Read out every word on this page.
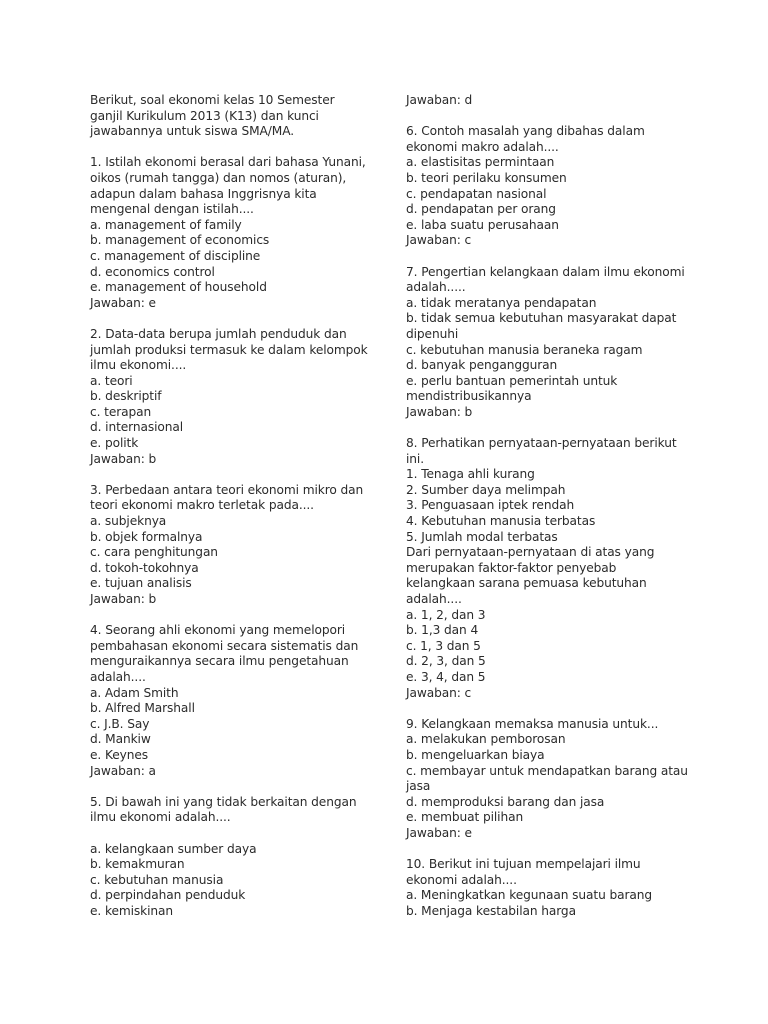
Berikut, soal ekonomi kelas 10 Semester
ganjil Kurikulum 2013 (K13) dan kunci
jawabannya untuk siswa SMA/MA.
1. Istilah ekonomi berasal dari bahasa Yunani,
oikos (rumah tangga) dan nomos (aturan),
adapun dalam bahasa Inggrisnya kita
mengenal dengan istilah....
a. management of family
b. management of economics
c. management of discipline
d. economics control
e. management of household
Jawaban: e
2. Data-data berupa jumlah penduduk dan
jumlah produksi termasuk ke dalam kelompok
ilmu ekonomi....
a. teori
b. deskriptif
c. terapan
d. internasional
e. politk
Jawaban: b
3. Perbedaan antara teori ekonomi mikro dan
teori ekonomi makro terletak pada....
a. subjeknya
b. objek formalnya
c. cara penghitungan
d. tokoh-tokohnya
e. tujuan analisis
Jawaban: b
4. Seorang ahli ekonomi yang memelopori
pembahasan ekonomi secara sistematis dan
menguraikannya secara ilmu pengetahuan
adalah....
a. Adam Smith
b. Alfred Marshall
c. J.B. Say
d. Mankiw
e. Keynes
Jawaban: a
5. Di bawah ini yang tidak berkaitan dengan
ilmu ekonomi adalah....
a. kelangkaan sumber daya
b. kemakmuran
c. kebutuhan manusia
d. perpindahan penduduk
e. kemiskinan
Jawaban: d
6. Contoh masalah yang dibahas dalam
ekonomi makro adalah....
a. elastisitas permintaan
b. teori perilaku konsumen
c. pendapatan nasional
d. pendapatan per orang
e. laba suatu perusahaan
Jawaban: c
7. Pengertian kelangkaan dalam ilmu ekonomi
adalah.....
a. tidak meratanya pendapatan
b. tidak semua kebutuhan masyarakat dapat
dipenuhi
c. kebutuhan manusia beraneka ragam
d. banyak pengangguran
e. perlu bantuan pemerintah untuk
mendistribusikannya
Jawaban: b
8. Perhatikan pernyataan-pernyataan berikut
ini.
1. Tenaga ahli kurang
2. Sumber daya melimpah
3. Penguasaan iptek rendah
4. Kebutuhan manusia terbatas
5. Jumlah modal terbatas
Dari pernyataan-pernyataan di atas yang
merupakan faktor-faktor penyebab
kelangkaan sarana pemuasa kebutuhan
adalah....
a. 1, 2, dan 3
b. 1,3 dan 4
c. 1, 3 dan 5
d. 2, 3, dan 5
e. 3, 4, dan 5
Jawaban: c
9. Kelangkaan memaksa manusia untuk...
a. melakukan pemborosan
b. mengeluarkan biaya
c. membayar untuk mendapatkan barang atau
jasa
d. memproduksi barang dan jasa
e. membuat pilihan
Jawaban: e
10. Berikut ini tujuan mempelajari ilmu
ekonomi adalah....
a. Meningkatkan kegunaan suatu barang
b. Menjaga kestabilan harga
